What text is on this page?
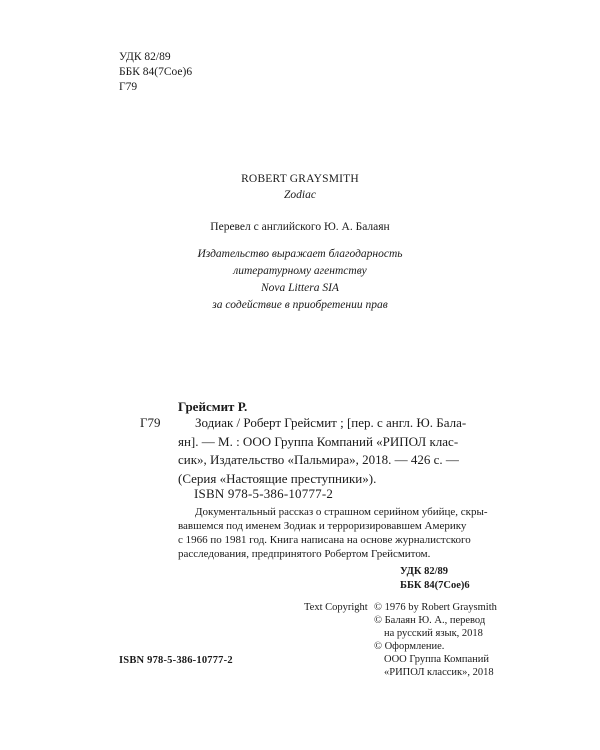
УДК 82/89
ББК 84(7Сое)6
Г79
ROBERT GRAYSMITH
Zodiac
Перевел с английского Ю. А. Балаян
Издательство выражает благодарность
литературному агентству
Nova Littera SIA
за содействие в приобретении прав
Грейсмит Р.
Г79	Зодиак / Роберт Грейсмит ; [пер. с англ. Ю. Бала-
ян]. — М. : ООО Группа Компаний «РИПОЛ клас-
сик», Издательство «Пальмира», 2018. — 426 с. —
(Серия «Настоящие преступники»).
ISBN 978-5-386-10777-2
Документальный рассказ о страшном серийном убийце, скры-
вавшемся под именем Зодиак и терроризировавшем Америку
с 1966 по 1981 год. Книга написана на основе журналистского
расследования, предпринятого Робертом Грейсмитом.
УДК 82/89
ББК 84(7Сое)6
Text Copyright © 1976 by Robert Graysmith
© Балаян Ю. А., перевод
на русский язык, 2018
© Оформление.
ООО Группа Компаний
«РИПОЛ классик», 2018
ISBN 978-5-386-10777-2
